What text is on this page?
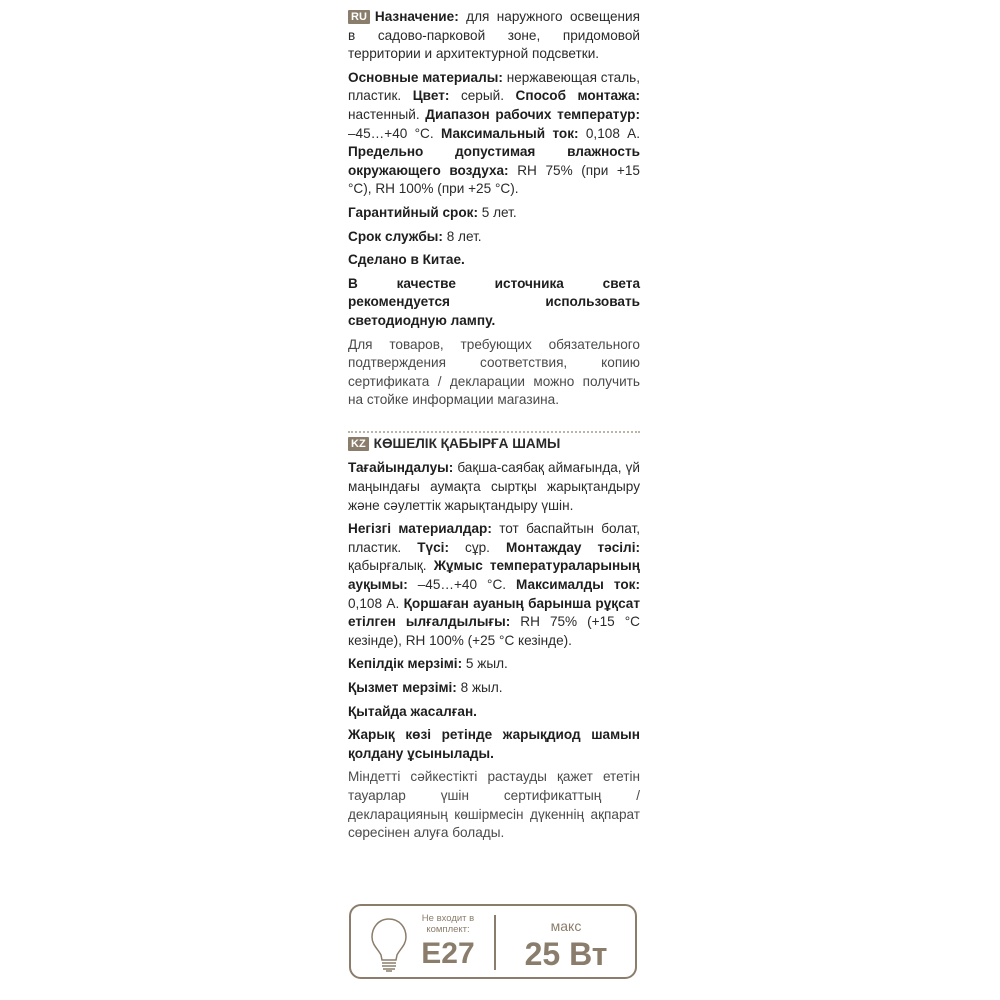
RU Назначение: для наружного освещения в садово-парковой зоне, придомовой территории и архитектурной подсветки.

Основные материалы: нержавеющая сталь, пластик. Цвет: серый. Способ монтажа: настенный. Диапазон рабочих температур: –45…+40 °С. Максимальный ток: 0,108 А. Предельно допустимая влажность окружающего воздуха: RH 75% (при +15 °С), RH 100% (при +25 °С).

Гарантийный срок: 5 лет.

Срок службы: 8 лет.

Сделано в Китае.

В качестве источника света рекомендуется использовать светодиодную лампу.

Для товаров, требующих обязательного подтверждения соответствия, копию сертификата / декларации можно получить на стойке информации магазина.

KZ КӨШЕЛІК ҚАБЫРҒА ШАМЫ

Тағайындалуы: бақша-саябақ аймағында, үй маңындағы аумақта сыртқы жарықтандыру және сәулеттік жарықтандыру үшін.

Негізгі материалдар: тот баспайтын болат, пластик. Түсі: сұр. Монтаждау тәсілі: қабырғалық. Жұмыс температураларының ауқымы: –45…+40 °С. Максималды ток: 0,108 А. Қоршаған ауаның барынша рұқсат етілген ылғалдылығы: RH 75% (+15 °С кезінде), RH 100% (+25 °С кезінде).

Кепілдік мерзімі: 5 жыл.

Қызмет мерзімі: 8 жыл.

Қытайда жасалған.

Жарық көзі ретінде жарықдиод шамын қолдану ұсынылады.

Міндетті сәйкестікті растауды қажет ететін тауарлар үшін сертификаттың / декларацияның көшірмесін дүкеннің ақпарат сөресінен алуға болады.

Не входит в комплект:
E27
макс
25 Вт
